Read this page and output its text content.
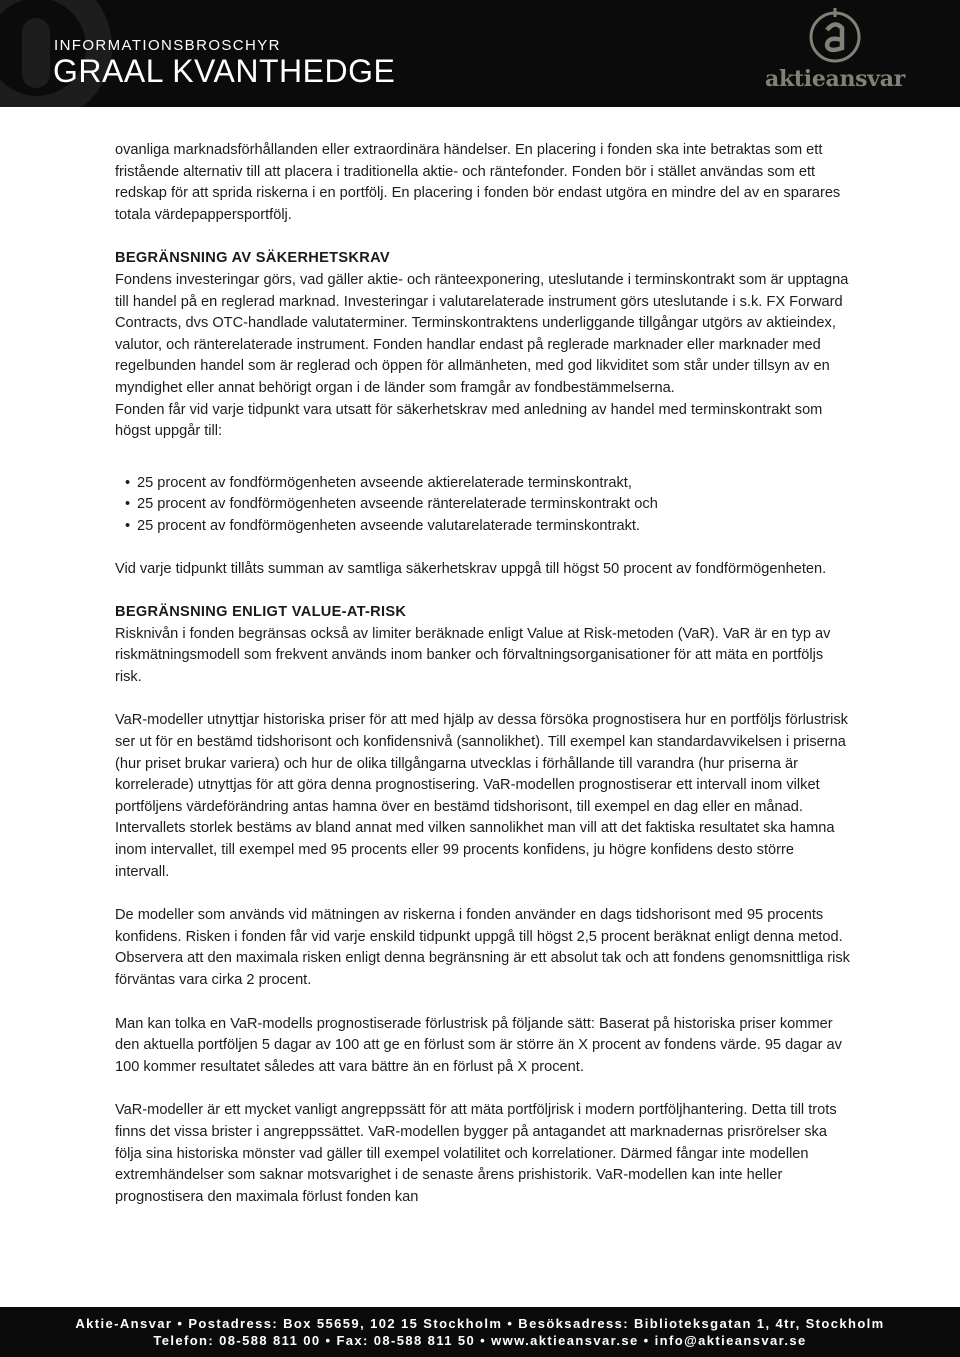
INFORMATIONSBROSCHYR
GRAAL KVANTHEDGE	aktieansvar

ovanliga marknadsförhållanden eller extraordinära händelser. En placering i fonden ska inte betraktas som ett fristående alternativ till att placera i traditionella aktie- och räntefonder. Fonden bör i stället användas som ett redskap för att sprida riskerna i en portfölj. En placering i fonden bör endast utgöra en mindre del av en sparares totala värdepappersportfölj.

BEGRÄNSNING AV SÄKERHETSKRAV

Fondens investeringar görs, vad gäller aktie- och ränteexponering, uteslutande i terminskontrakt som är upptagna till handel på en reglerad marknad. Investeringar i valutarelaterade instrument görs uteslutande i s.k. FX Forward Contracts, dvs OTC-handlade valutaterminer. Terminskontraktens underliggande tillgångar utgörs av aktieindex, valutor, och ränterelaterade instrument. Fonden handlar endast på reglerade marknader eller marknader med regelbunden handel som är reglerad och öppen för allmänheten, med god likviditet som står under tillsyn av en myndighet eller annat behörigt organ i de länder som framgår av fondbestämmelserna.

Fonden får vid varje tidpunkt vara utsatt för säkerhetskrav med anledning av handel med terminskontrakt som högst uppgår till:

• 25 procent av fondförmögenheten avseende aktierelaterade terminskontrakt,
• 25 procent av fondförmögenheten avseende ränterelaterade terminskontrakt och
• 25 procent av fondförmögenheten avseende valutarelaterade terminskontrakt.

Vid varje tidpunkt tillåts summan av samtliga säkerhetskrav uppgå till högst 50 procent av fondförmögenheten.

BEGRÄNSNING ENLIGT VALUE-AT-RISK

Risknivån i fonden begränsas också av limiter beräknade enligt Value at Risk-metoden (VaR). VaR är en typ av riskmätningsmodell som frekvent används inom banker och förvaltningsorganisationer för att mäta en portföljs risk.

VaR-modeller utnyttjar historiska priser för att med hjälp av dessa försöka prognostisera hur en portföljs förlustrisk ser ut för en bestämd tidshorisont och konfidensnivå (sannolikhet). Till exempel kan standardavvikelsen i priserna (hur priset brukar variera) och hur de olika tillgångarna utvecklas i förhållande till varandra (hur priserna är korrelerade) utnyttjas för att göra denna prognostisering. VaR-modellen prognostiserar ett intervall inom vilket portföljens värdeförändring antas hamna över en bestämd tidshorisont, till exempel en dag eller en månad. Intervallets storlek bestäms av bland annat med vilken sannolikhet man vill att det faktiska resultatet ska hamna inom intervallet, till exempel med 95 procents eller 99 procents konfidens, ju högre konfidens desto större intervall.

De modeller som används vid mätningen av riskerna i fonden använder en dags tidshorisont med 95 procents konfidens. Risken i fonden får vid varje enskild tidpunkt uppgå till högst 2,5 procent beräknat enligt denna metod. Observera att den maximala risken enligt denna begränsning är ett absolut tak och att fondens genomsnittliga risk förväntas vara cirka 2 procent.

Man kan tolka en VaR-modells prognostiserade förlustrisk på följande sätt: Baserat på historiska priser kommer den aktuella portföljen 5 dagar av 100 att ge en förlust som är större än X procent av fondens värde. 95 dagar av 100 kommer resultatet således att vara bättre än en förlust på X procent.

VaR-modeller är ett mycket vanligt angreppssätt för att mäta portföljrisk i modern portföljhantering. Detta till trots finns det vissa brister i angreppssättet. VaR-modellen bygger på antagandet att marknadernas prisrörelser ska följa sina historiska mönster vad gäller till exempel volatilitet och korrelationer. Därmed fångar inte modellen extremhändelser som saknar motsvarighet i de senaste årens prishistorik. VaR-modellen kan inte heller prognostisera den maximala förlust fonden kan

Aktie-Ansvar • Postadress: Box 55659, 102 15 Stockholm • Besöksadress: Biblioteksgatan 1, 4tr, Stockholm
Telefon: 08-588 811 00 • Fax: 08-588 811 50 • www.aktieansvar.se • info@aktieansvar.se
